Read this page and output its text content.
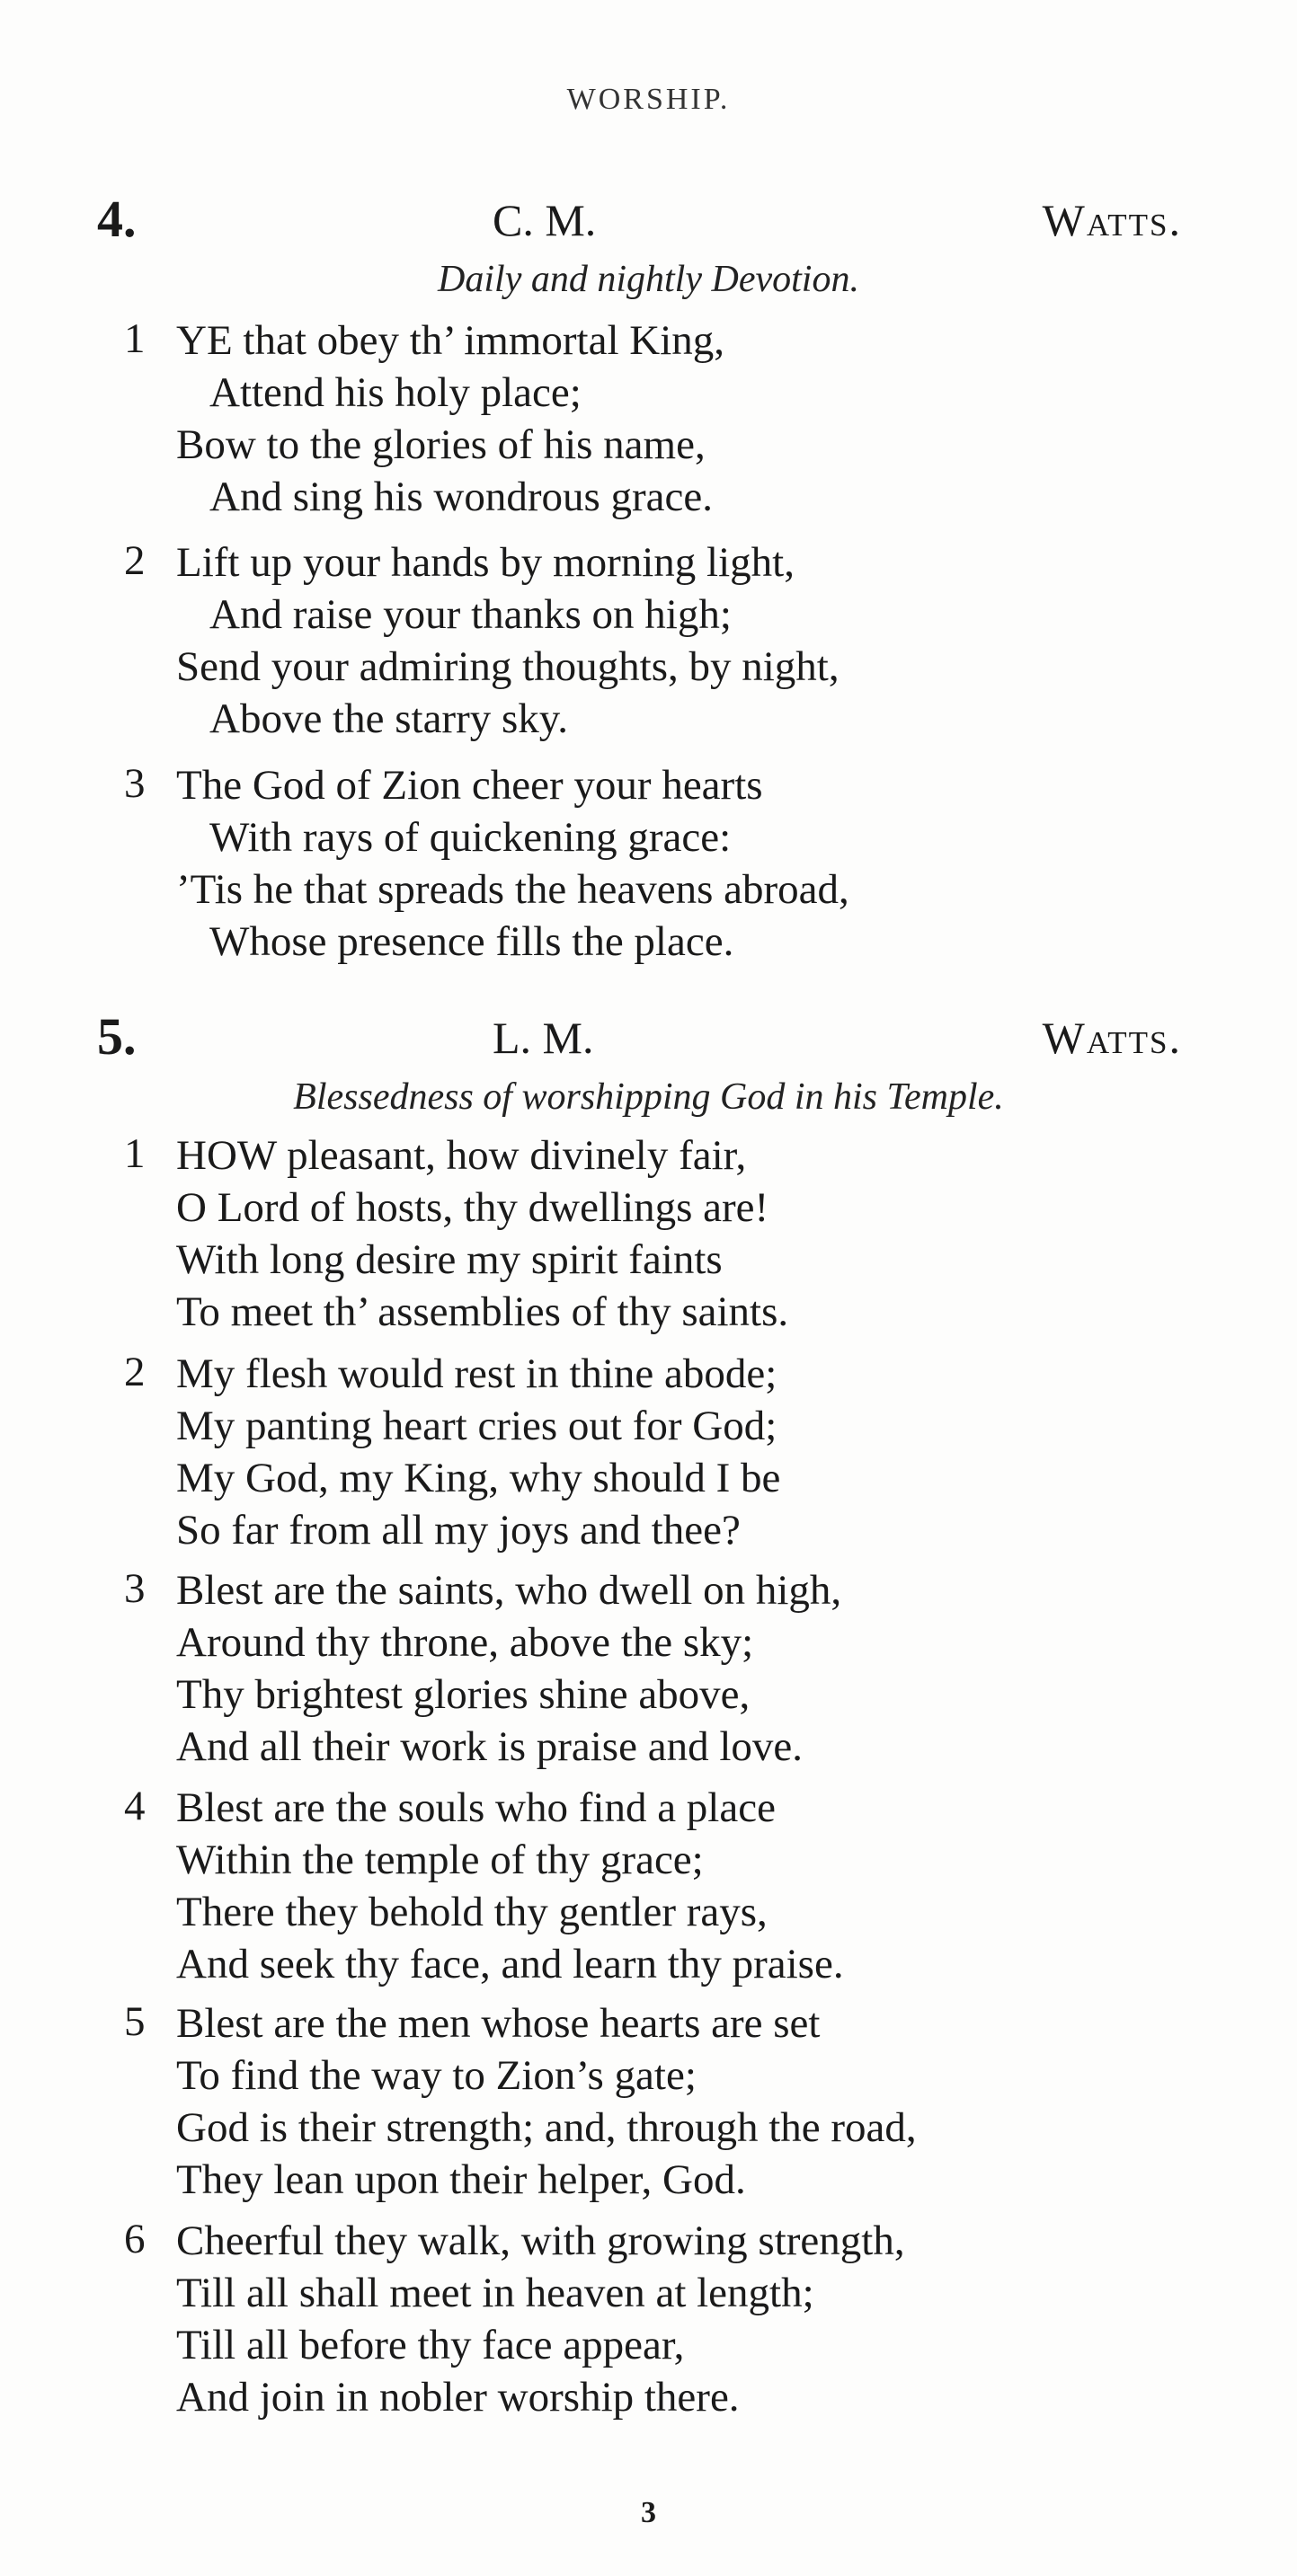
WORSHIP.
4.	C. M.	Watts.
Daily and nightly Devotion.
1 YE that obey th’ immortal King,
Attend his holy place;
Bow to the glories of his name,
And sing his wondrous grace.
2 Lift up your hands by morning light,
And raise your thanks on high;
Send your admiring thoughts, by night,
Above the starry sky.
3 The God of Zion cheer your hearts
With rays of quickening grace:
’Tis he that spreads the heavens abroad,
Whose presence fills the place.
5.	L. M.	Watts.
Blessedness of worshipping God in his Temple.
1 HOW pleasant, how divinely fair,
O Lord of hosts, thy dwellings are!
With long desire my spirit faints
To meet th’ assemblies of thy saints.
2 My flesh would rest in thine abode;
My panting heart cries out for God;
My God, my King, why should I be
So far from all my joys and thee?
3 Blest are the saints, who dwell on high,
Around thy throne, above the sky;
Thy brightest glories shine above,
And all their work is praise and love.
4 Blest are the souls who find a place
Within the temple of thy grace;
There they behold thy gentler rays,
And seek thy face, and learn thy praise.
5 Blest are the men whose hearts are set
To find the way to Zion’s gate;
God is their strength; and, through the road,
They lean upon their helper, God.
6 Cheerful they walk, with growing strength,
Till all shall meet in heaven at length;
Till all before thy face appear,
And join in nobler worship there.
3
